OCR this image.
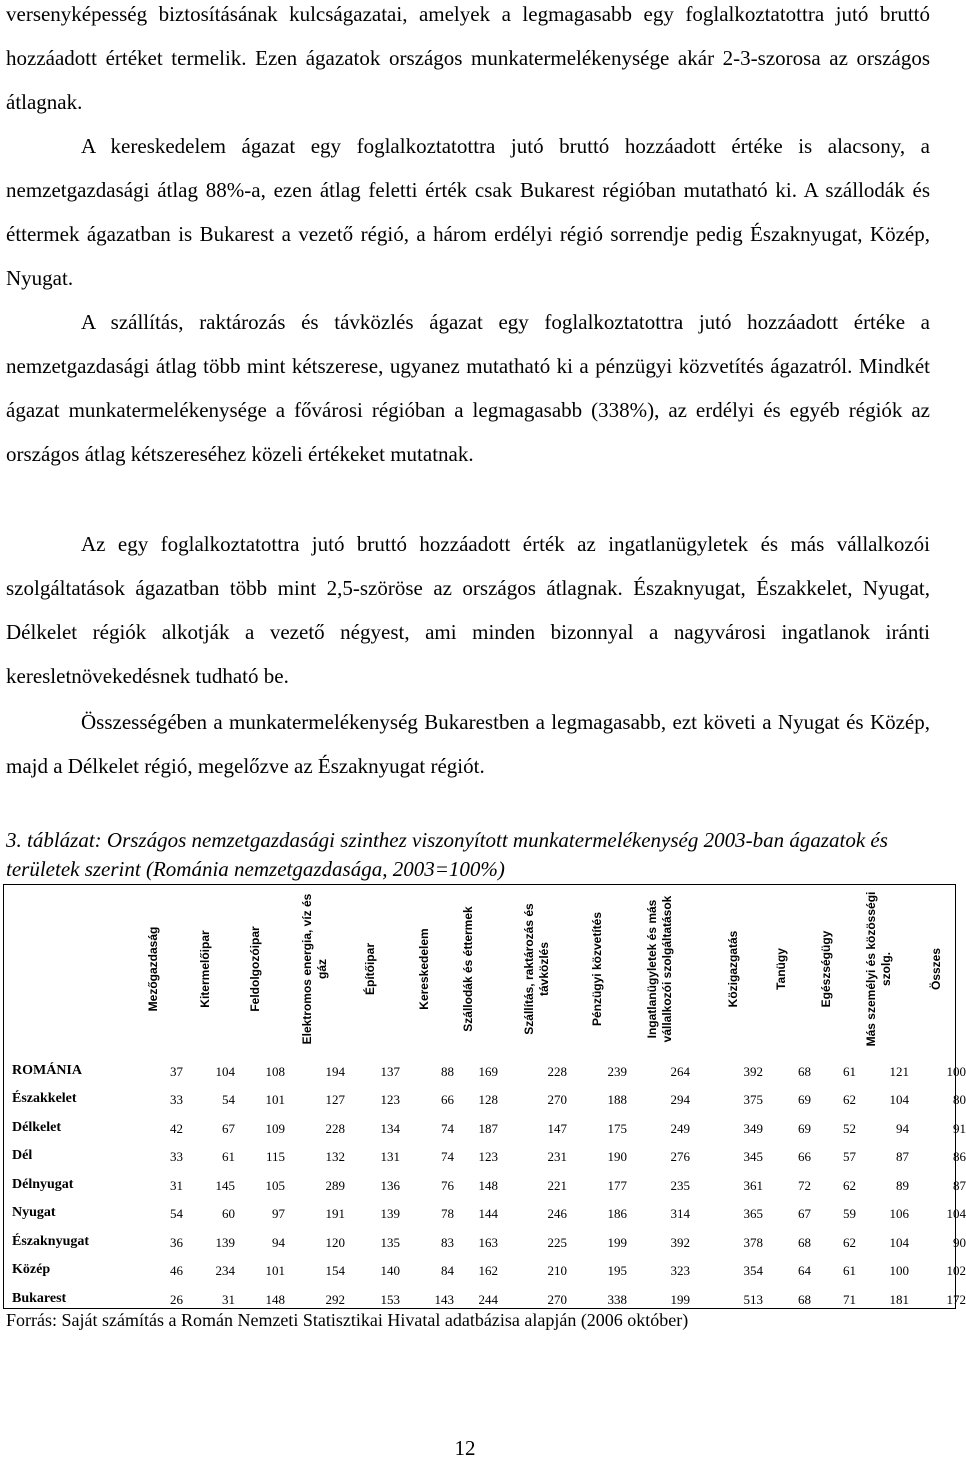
versenyképesség biztosításának kulcságazatai, amelyek a legmagasabb egy foglalkoztatottra jutó bruttó hozzáadott értéket termelik. Ezen ágazatok országos munkatermelékenysége akár 2-3-szorosa az országos átlagnak.
A kereskedelem ágazat egy foglalkoztatottra jutó bruttó hozzáadott értéke is alacsony, a nemzetgazdasági átlag 88%-a, ezen átlag feletti érték csak Bukarest régióban mutatható ki. A szállodák és éttermek ágazatban is Bukarest a vezető régió, a három erdélyi régió sorrendje pedig Északnyugat, Közép, Nyugat.
A szállítás, raktározás és távközlés ágazat egy foglalkoztatottra jutó hozzáadott értéke a nemzetgazdasági átlag több mint kétszerese, ugyanez mutatható ki a pénzügyi közvetítés ágazatról. Mindkét ágazat munkatermelékenysége a fővárosi régióban a legmagasabb (338%), az erdélyi és egyéb régiók az országos átlag kétszereséhez közeli értékeket mutatnak.
Az egy foglalkoztatottra jutó bruttó hozzáadott érték az ingatlanügyletek és más vállalkozói szolgáltatások ágazatban több mint 2,5-szöröse az országos átlagnak. Északnyugat, Északkelet, Nyugat, Délkelet régiók alkotják a vezető négyest, ami minden bizonnyal a nagyvárosi ingatlanok iránti keresletnövekedésnek tudható be.
Összességében a munkatermelékenység Bukarestben a legmagasabb, ezt követi a Nyugat és Közép, majd a Délkelet régió, megelőzve az Északnyugat régiót.
3. táblázat: Országos nemzetgazdasági szinthez viszonyított munkatermelékenység 2003-ban ágazatok és területek szerint (Románia nemzetgazdasága, 2003=100%)
Mezőgazdaság	Kitermelőipar	Feldolgozóipar	Elektromos energia, víz és gáz	Építőipar	Kereskedelem	Szállodák és éttermek	Szállítás, raktározás és távközlés	Pénzügyi közvetítés	Ingatlanügyletek és más vállalkozói szolgáltatások	Közigazgatás	Tanügy	Egészségügy	Más személyi és közösségi szolg.	Összes
ROMÁNIA	37	104	108	194	137	88	169	228	239	264	392	68	61	121	100
Északkelet	33	54	101	127	123	66	128	270	188	294	375	69	62	104	80
Délkelet	42	67	109	228	134	74	187	147	175	249	349	69	52	94	91
Dél	33	61	115	132	131	74	123	231	190	276	345	66	57	87	86
Délnyugat	31	145	105	289	136	76	148	221	177	235	361	72	62	89	87
Nyugat	54	60	97	191	139	78	144	246	186	314	365	67	59	106	104
Északnyugat	36	139	94	120	135	83	163	225	199	392	378	68	62	104	90
Közép	46	234	101	154	140	84	162	210	195	323	354	64	61	100	102
Bukarest	26	31	148	292	153	143	244	270	338	199	513	68	71	181	172
Forrás: Saját számítás a Román Nemzeti Statisztikai Hivatal adatbázisa alapján (2006 október)
12
